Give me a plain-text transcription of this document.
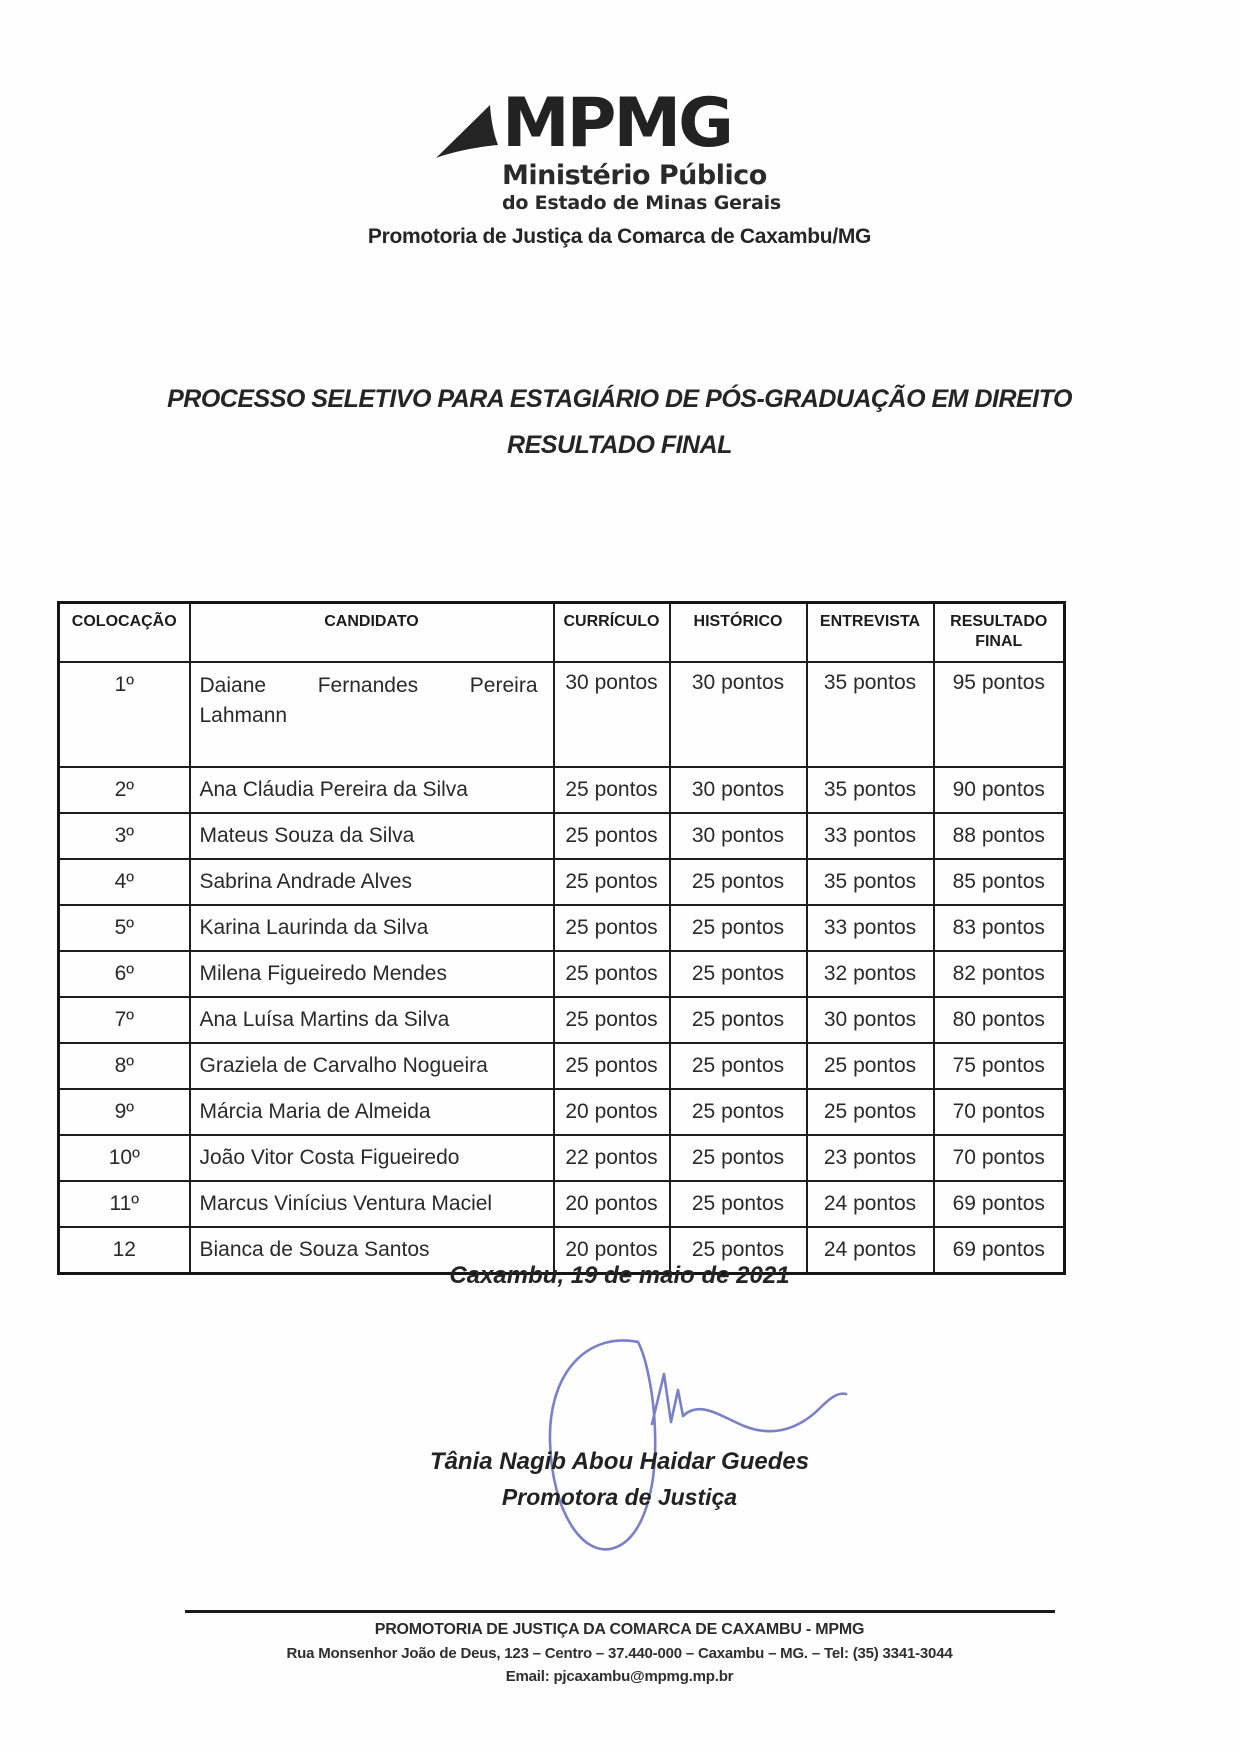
MPMG
Ministério Público
do Estado de Minas Gerais
Promotoria de Justiça da Comarca de Caxambu/MG
PROCESSO SELETIVO PARA ESTAGIÁRIO DE PÓS-GRADUAÇÃO EM DIREITO
RESULTADO FINAL
COLOCAÇÃO	CANDIDATO	CURRÍCULO	HISTÓRICO	ENTREVISTA	RESULTADO FINAL
1º	Daiane Fernandes Pereira Lahmann	30 pontos	30 pontos	35 pontos	95 pontos
2º	Ana Cláudia Pereira da Silva	25 pontos	30 pontos	35 pontos	90 pontos
3º	Mateus Souza da Silva	25 pontos	30 pontos	33 pontos	88 pontos
4º	Sabrina Andrade Alves	25 pontos	25 pontos	35 pontos	85 pontos
5º	Karina Laurinda da Silva	25 pontos	25 pontos	33 pontos	83 pontos
6º	Milena Figueiredo Mendes	25 pontos	25 pontos	32 pontos	82 pontos
7º	Ana Luísa Martins da Silva	25 pontos	25 pontos	30 pontos	80 pontos
8º	Graziela de Carvalho Nogueira	25 pontos	25 pontos	25 pontos	75 pontos
9º	Márcia Maria de Almeida	20 pontos	25 pontos	25 pontos	70 pontos
10º	João Vitor Costa Figueiredo	22 pontos	25 pontos	23 pontos	70 pontos
11º	Marcus Vinícius Ventura Maciel	20 pontos	25 pontos	24 pontos	69 pontos
12	Bianca de Souza Santos	20 pontos	25 pontos	24 pontos	69 pontos
Caxambu, 19 de maio de 2021
Tânia Nagib Abou Haidar Guedes
Promotora de Justiça
PROMOTORIA DE JUSTIÇA DA COMARCA DE CAXAMBU - MPMG
Rua Monsenhor João de Deus, 123 – Centro – 37.440-000 – Caxambu – MG. – Tel: (35) 3341-3044
Email: pjcaxambu@mpmg.mp.br
